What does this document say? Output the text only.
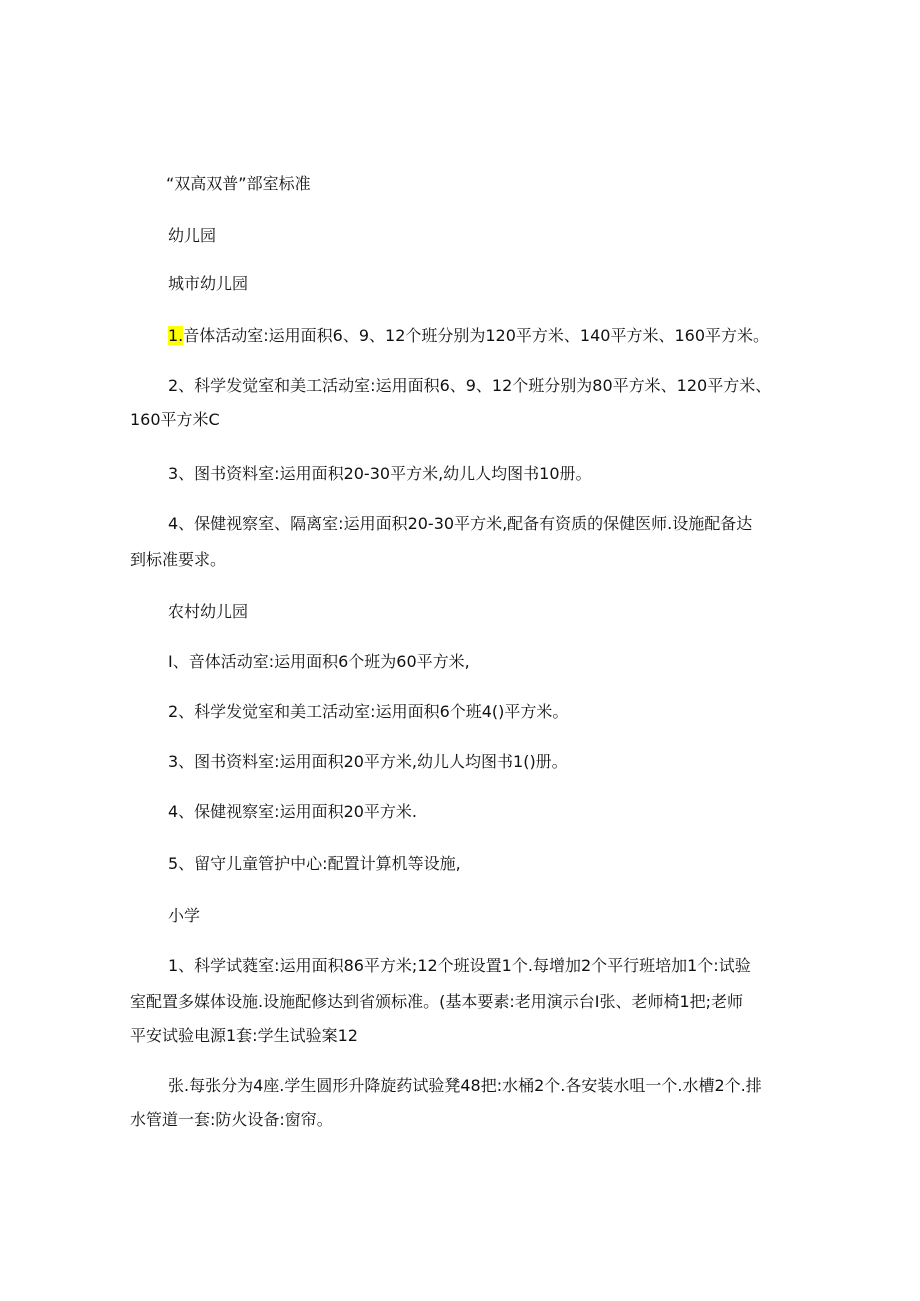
“双高双普”部室标准

幼儿园

城市幼儿园

1.音体活动室:运用面积6、9、12个班分别为120平方米、140平方米、160平方米。

2、科学发觉室和美工活动室:运用面积6、9、12个班分别为80平方米、120平方米、

160平方米C

3、图书资料室:运用面积20-30平方米,幼儿人均图书10册。

4、保健视察室、隔离室:运用面积20-30平方米,配备有资质的保健医师.设施配备达

到标准要求。

农村幼儿园

I、音体活动室:运用面积6个班为60平方米,

2、科学发觉室和美工活动室:运用面积6个班4()平方米。

3、图书资料室:运用面积20平方米,幼儿人均图书1()册。

4、保健视察室:运用面积20平方米.

5、留守儿童管护中心:配置计算机等设施,

小学

1、科学试蕤室:运用面积86平方米;12个班设置1个.每增加2个平行班培加1个:试验

室配置多媒体设施.设施配修达到省颁标准。(基本要素:老用演示台I张、老师椅1把;老师

平安试验电源1套:学生试验案12

张.每张分为4座.学生圆形升降旋药试验凳48把:水桶2个.各安装水咀一个.水槽2个.排

水管道一套:防火设备:窗帘。
